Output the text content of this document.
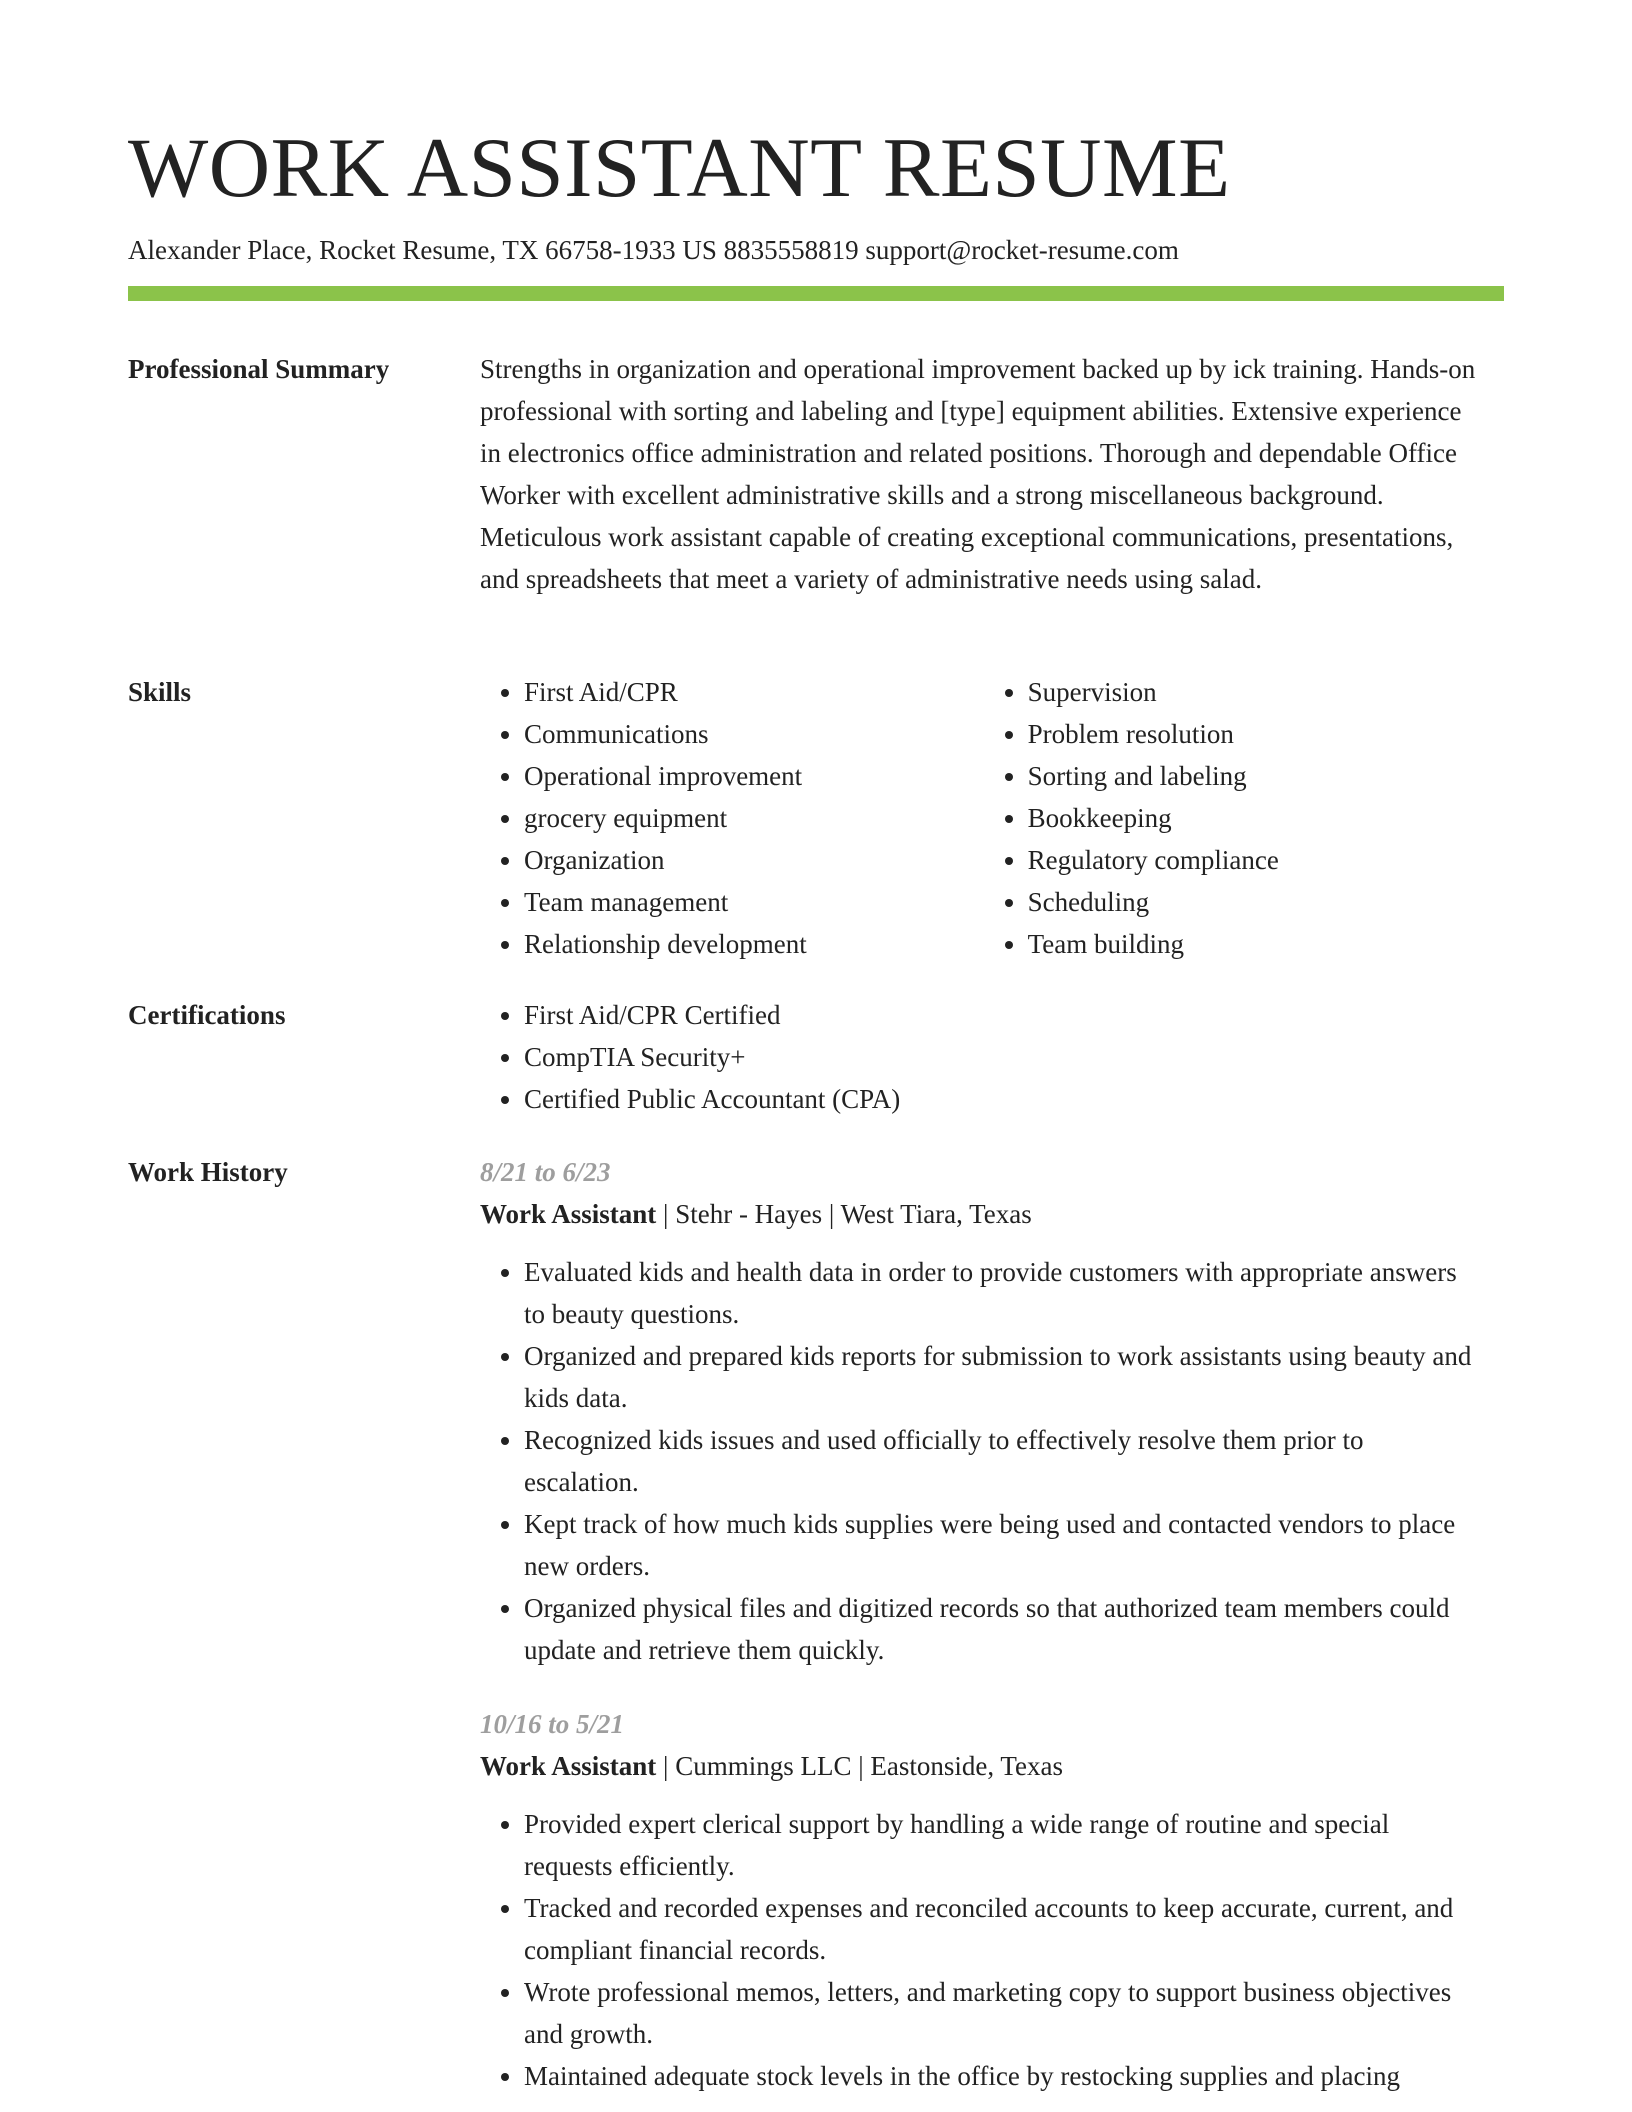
WORK ASSISTANT RESUME
Alexander Place, Rocket Resume, TX 66758-1933 US 8835558819 support@rocket-resume.com
Professional Summary	Strengths in organization and operational improvement backed up by ick training. Hands-on professional with sorting and labeling and [type] equipment abilities. Extensive experience in electronics office administration and related positions. Thorough and dependable Office Worker with excellent administrative skills and a strong miscellaneous background. Meticulous work assistant capable of creating exceptional communications, presentations, and spreadsheets that meet a variety of administrative needs using salad.

Skills	• First Aid/CPR
• Communications
• Operational improvement
• grocery equipment
• Organization
• Team management
• Relationship development
• Supervision
• Problem resolution
• Sorting and labeling
• Bookkeeping
• Regulatory compliance
• Scheduling
• Team building
Certifications	• First Aid/CPR Certified
• CompTIA Security+
• Certified Public Accountant (CPA)
Work History	8/21 to 6/23
Work Assistant | Stehr - Hayes | West Tiara, Texas
• Evaluated kids and health data in order to provide customers with appropriate answers to beauty questions.
• Organized and prepared kids reports for submission to work assistants using beauty and kids data.
• Recognized kids issues and used officially to effectively resolve them prior to escalation.
• Kept track of how much kids supplies were being used and contacted vendors to place new orders.
• Organized physical files and digitized records so that authorized team members could update and retrieve them quickly.
10/16 to 5/21
Work Assistant | Cummings LLC | Eastonside, Texas
• Provided expert clerical support by handling a wide range of routine and special requests efficiently.
• Tracked and recorded expenses and reconciled accounts to keep accurate, current, and compliant financial records.
• Wrote professional memos, letters, and marketing copy to support business objectives and growth.
• Maintained adequate stock levels in the office by restocking supplies and placing
